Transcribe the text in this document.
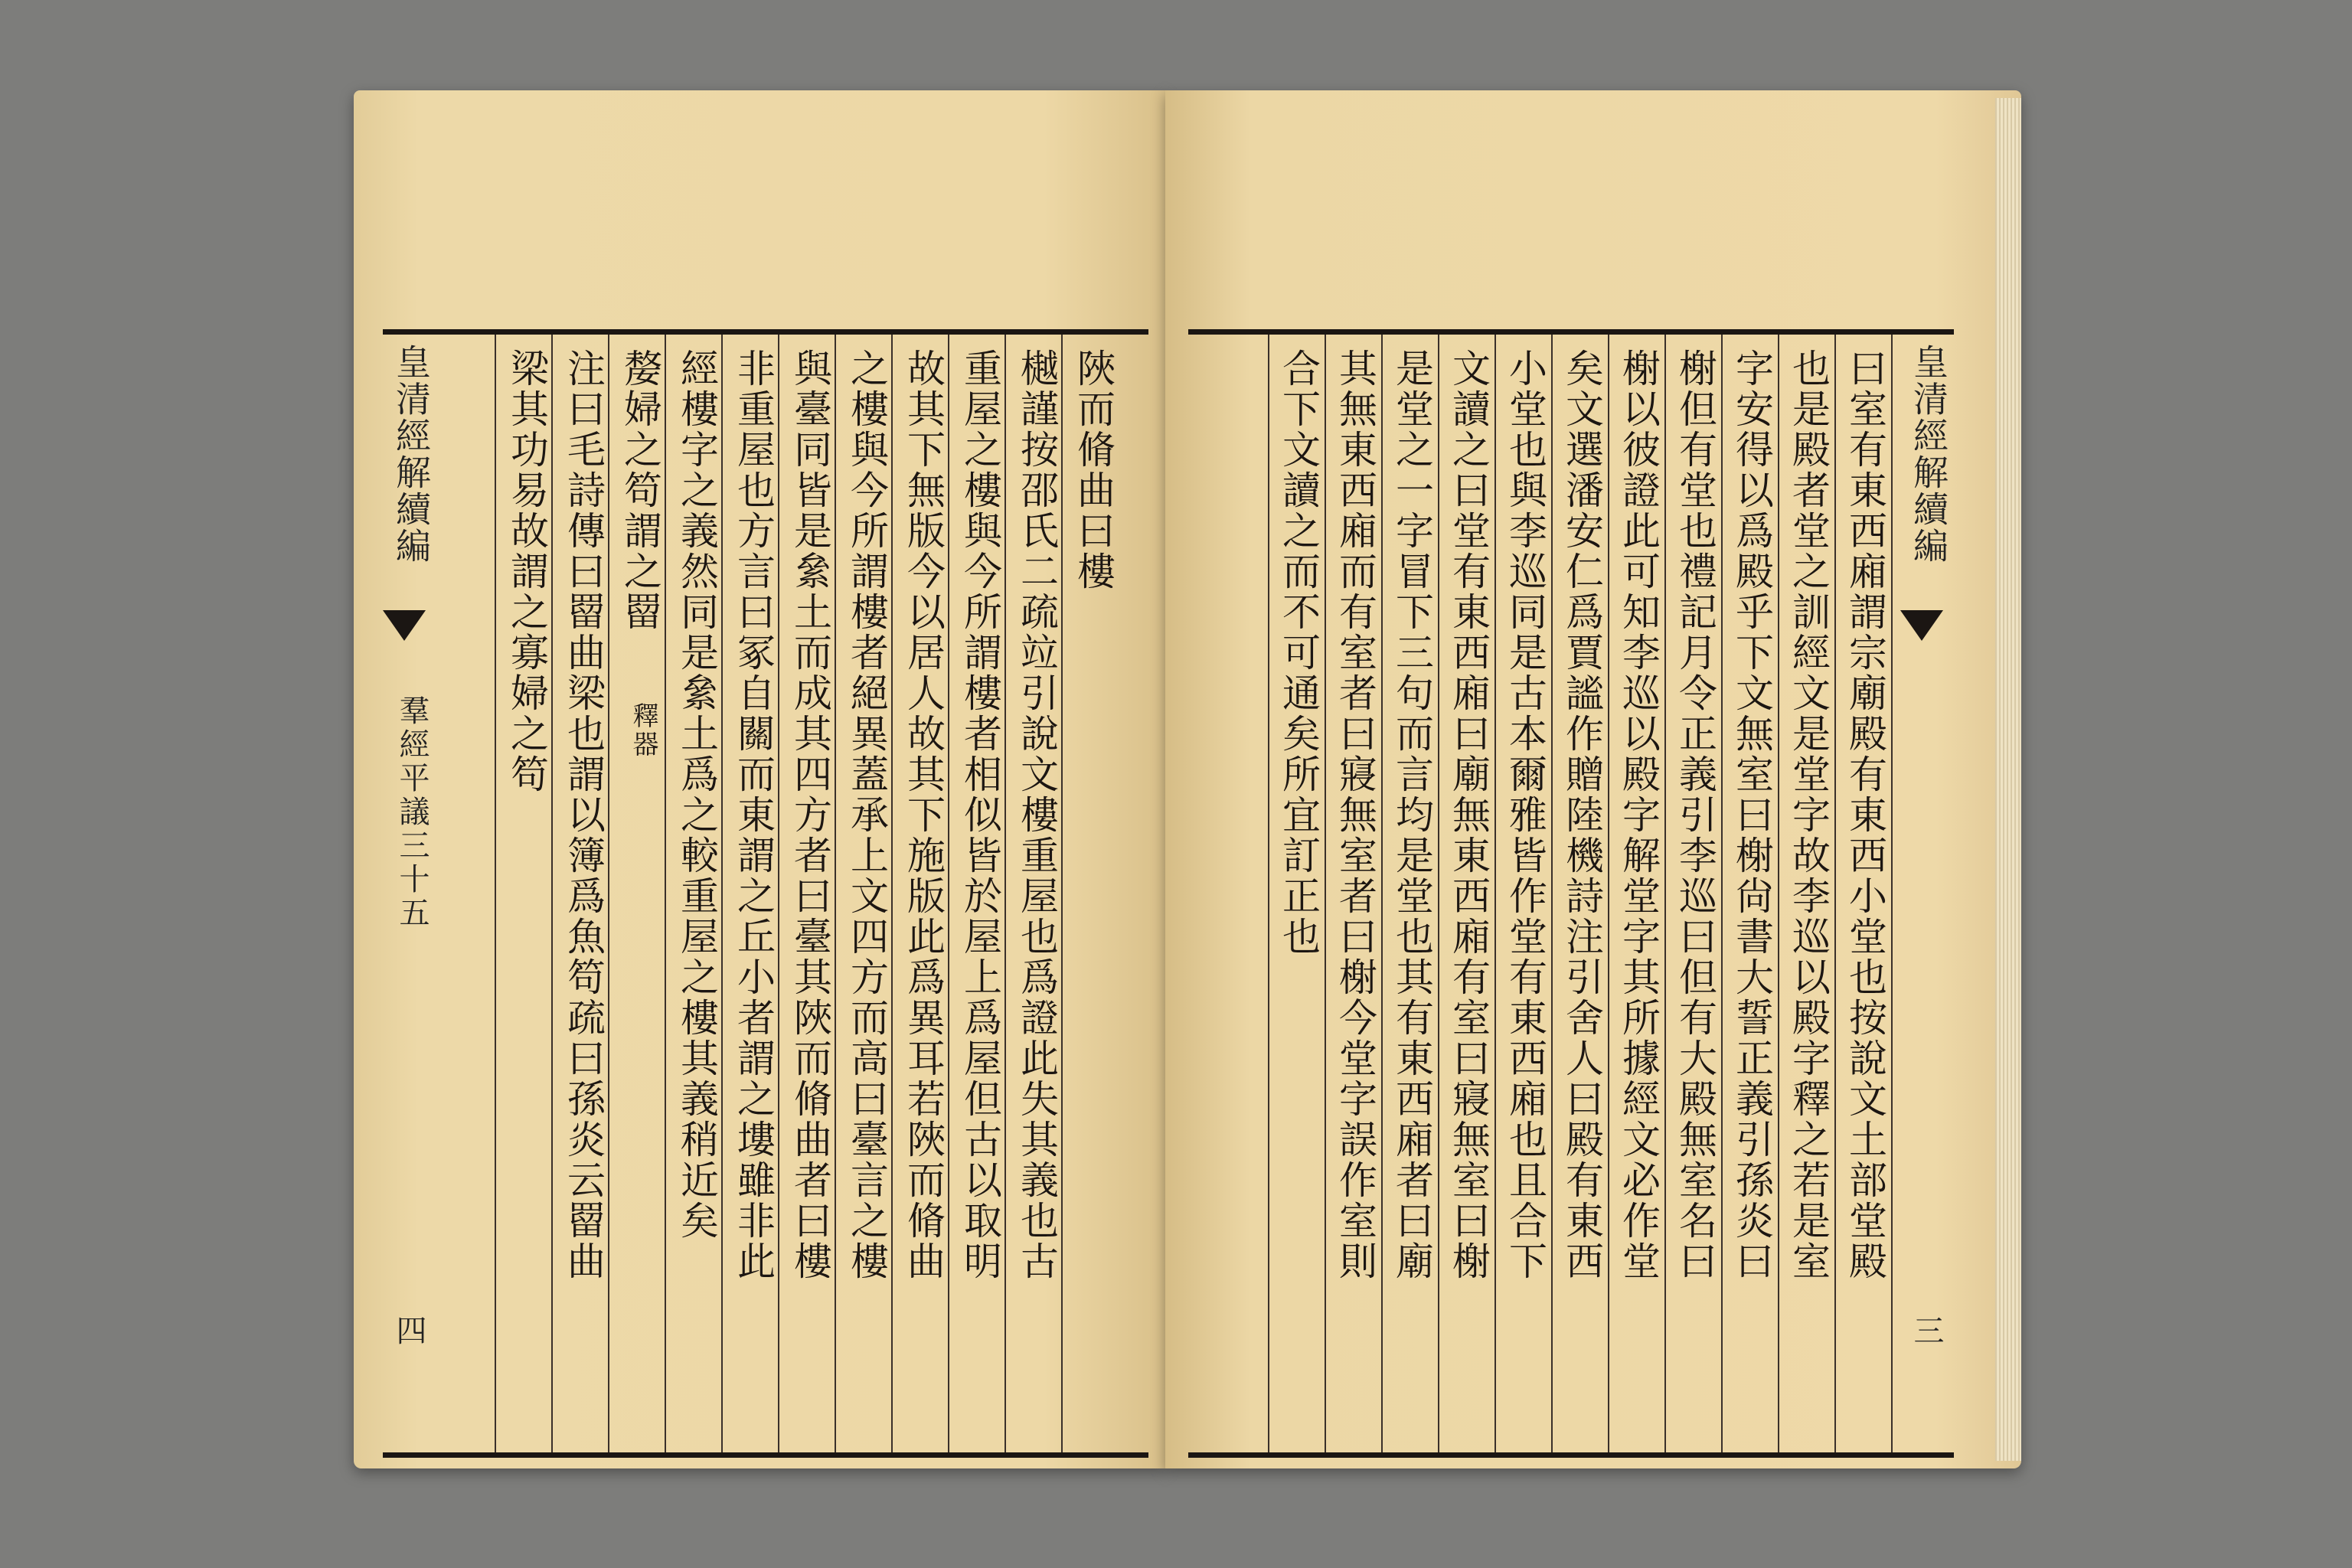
陜而脩曲曰樓
樾謹按邵氏二疏竝引說文樓重屋也爲證此失其義也古
重屋之樓與今所謂樓者相似皆於屋上爲屋但古以取明
故其下無版今以居人故其下施版此爲異耳若陜而脩曲
之樓與今所謂樓者絕異蓋承上文四方而高曰臺言之樓
與臺同皆是絫土而成其四方者曰臺其陜而脩曲者曰樓
非重屋也方言曰冢自關而東謂之丘小者謂之塿雖非此
經樓字之義然同是絫土爲之較重屋之樓其義稍近矣
嫠婦之笱謂之罶
釋器
注曰毛詩傳曰罶曲梁也謂以簿爲魚笱疏曰孫炎云罶曲
梁其功易故謂之寡婦之笱
皇清經解續編
羣經平議三十五
四
皇清經解續編
三
曰室有東西廂謂宗廟殿有東西小堂也按說文土部堂殿
也是殿者堂之訓經文是堂字故李巡以殿字釋之若是室
字安得以爲殿乎下文無室曰榭尙書大誓正義引孫炎曰
榭但有堂也禮記月令正義引李巡曰但有大殿無室名曰
榭以彼證此可知李巡以殿字解堂字其所據經文必作堂
矣文選潘安仁爲賈謐作贈陸機詩注引舍人曰殿有東西
小堂也與李巡同是古本爾雅皆作堂有東西廂也且合下
文讀之曰堂有東西廂曰廟無東西廂有室曰寢無室曰榭
是堂之一字冒下三句而言均是堂也其有東西廂者曰廟
其無東西廂而有室者曰寢無室者曰榭今堂字誤作室則
合下文讀之而不可通矣所宜訂正也
